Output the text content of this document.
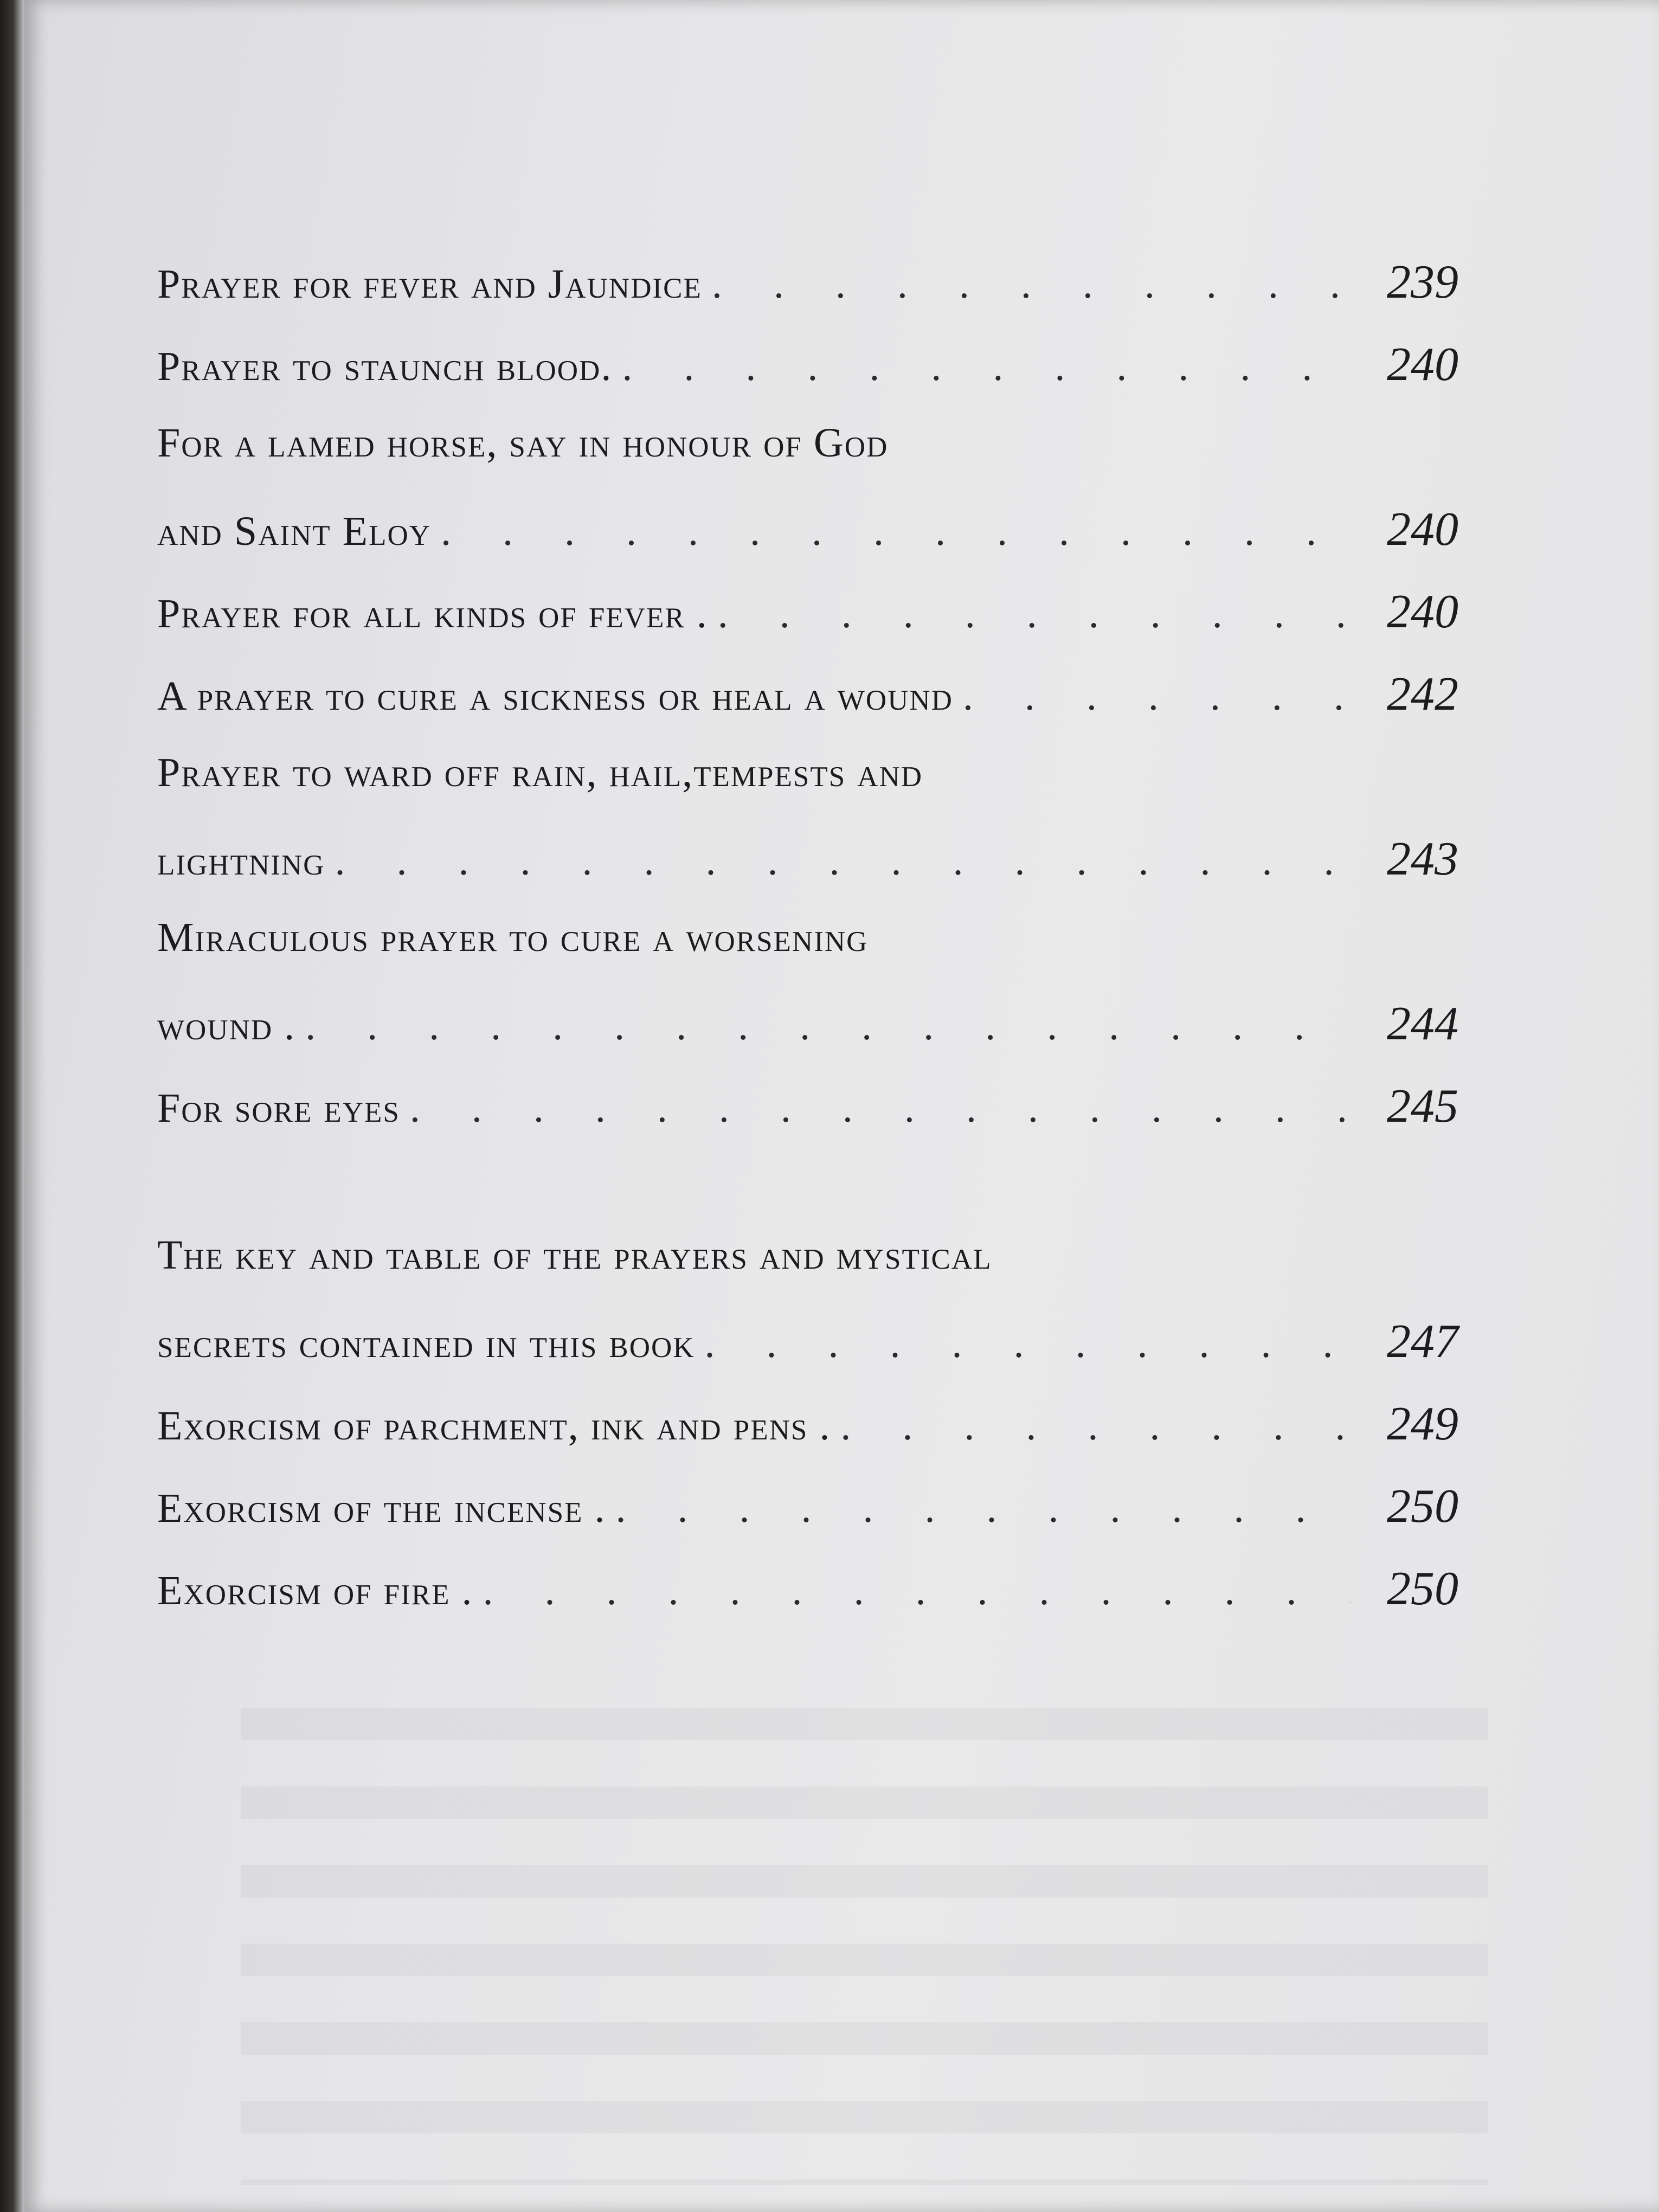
Prayer for fever and Jaundice . . .	239
Prayer to staunch blood. . . .	240
For a lamed horse, say in honour of God
and Saint Eloy . . .	240
Prayer for all kinds of fever . . . .	240
A prayer to cure a sickness or heal a wound . . .	242
Prayer to ward off rain, hail,tempests and
lightning . . .	243
Miraculous prayer to cure a worsening
wound . . . .	244
For sore eyes . . .	245
The key and table of the prayers and mystical
secrets contained in this book . . .	247
Exorcism of parchment, ink and pens . . . .	249
Exorcism of the incense . . . .	250
Exorcism of fire . . . .	250
